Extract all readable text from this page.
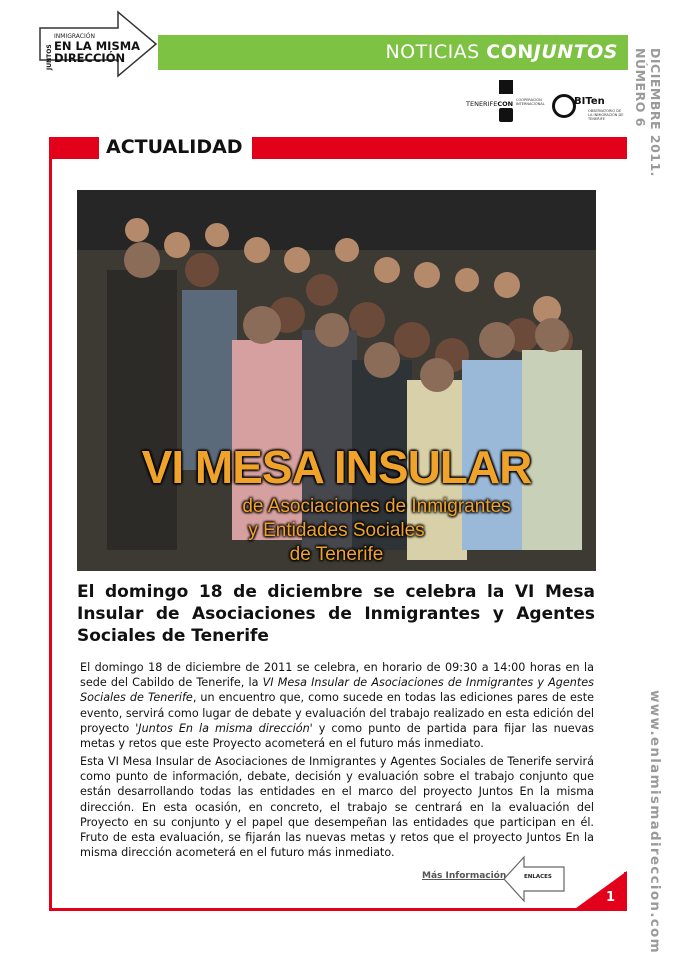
JUNTOS
INMIGRACIÓN
EN LA MISMA
DIRECCIÓN	NOTICIAS CONJUNTOS	DICIEMBRE 2011. NÚMERO 6
TENERIFECON COOPERACIÓN INTERNACIONAL	BITen
OBSERVATORIO DE LA INMIGRACIÓN DE TENERIFE
ACTUALIDAD
www.enlamismadireccion.com
VI MESA INSULAR
de Asociaciones de Inmigrantes
y Entidades Sociales
de Tenerife
El domingo 18 de diciembre se celebra la VI Mesa Insular de Asociaciones de Inmigrantes y Agentes Sociales de Tenerife
El domingo 18 de diciembre de 2011 se celebra, en horario de 09:30 a 14:00 horas en la sede del Cabildo de Tenerife, la VI Mesa Insular de Asociaciones de Inmigrantes y Agentes Sociales de Tenerife, un encuentro que, como sucede en todas las ediciones pares de este evento, servirá como lugar de debate y evaluación del trabajo realizado en esta edición del proyecto 'Juntos En la misma dirección' y como punto de partida para fijar las nuevas metas y retos que este Proyecto acometerá en el futuro más inmediato.
Esta VI Mesa Insular de Asociaciones de Inmigrantes y Agentes Sociales de Tenerife servirá como punto de información, debate, decisión y evaluación sobre el trabajo conjunto que están desarrollando todas las entidades en el marco del proyecto Juntos En la misma dirección. En esta ocasión, en concreto, el trabajo se centrará en la evaluación del Proyecto en su conjunto y el papel que desempeñan las entidades que participan en él. Fruto de esta evaluación, se fijarán las nuevas metas y retos que el proyecto Juntos En la misma dirección acometerá en el futuro más inmediato.
Más Información	ENLACES
1
